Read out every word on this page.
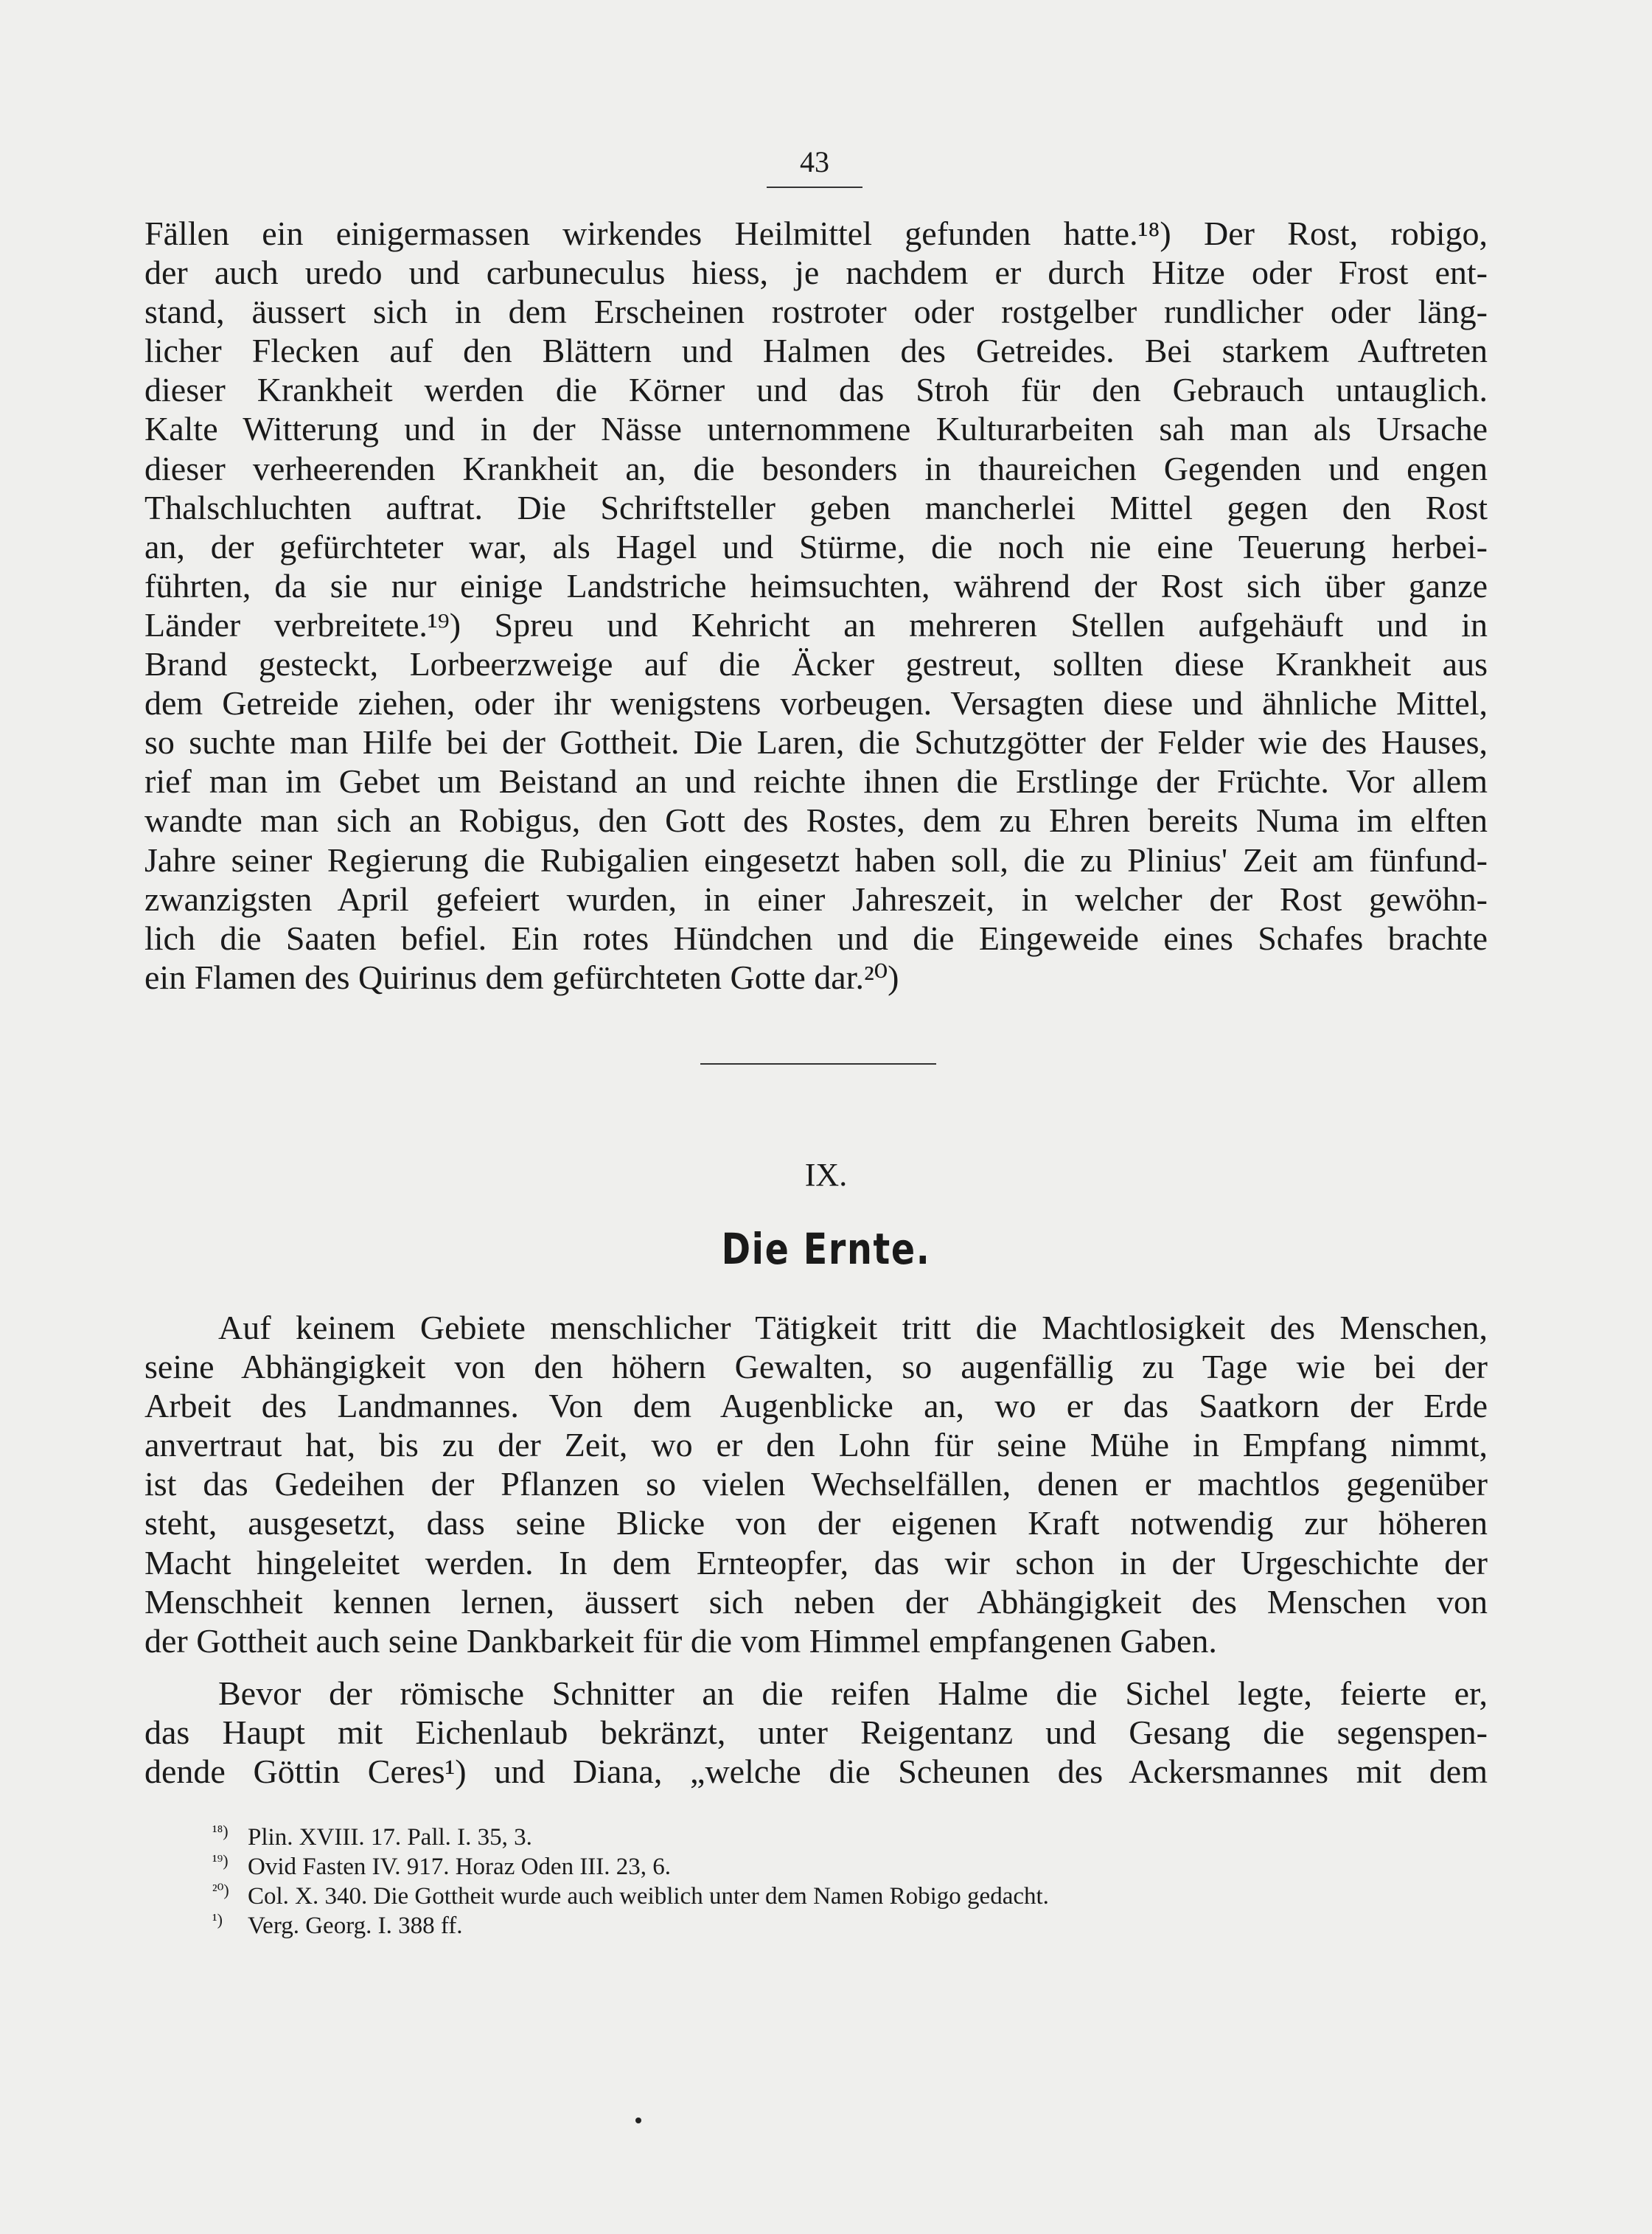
43
Fällen ein einigermassen wirkendes Heilmittel gefunden hatte.¹⁸) Der Rost, robigo,
der auch uredo und carbuneculus hiess, je nachdem er durch Hitze oder Frost ent-
stand, äussert sich in dem Erscheinen rostroter oder rostgelber rundlicher oder läng-
licher Flecken auf den Blättern und Halmen des Getreides. Bei starkem Auftreten
dieser Krankheit werden die Körner und das Stroh für den Gebrauch untauglich.
Kalte Witterung und in der Nässe unternommene Kulturarbeiten sah man als Ursache
dieser verheerenden Krankheit an, die besonders in thaureichen Gegenden und engen
Thalschluchten auftrat. Die Schriftsteller geben mancherlei Mittel gegen den Rost
an, der gefürchteter war, als Hagel und Stürme, die noch nie eine Teuerung herbei-
führten, da sie nur einige Landstriche heimsuchten, während der Rost sich über ganze
Länder verbreitete.¹⁹) Spreu und Kehricht an mehreren Stellen aufgehäuft und in
Brand gesteckt, Lorbeerzweige auf die Äcker gestreut, sollten diese Krankheit aus
dem Getreide ziehen, oder ihr wenigstens vorbeugen. Versagten diese und ähnliche Mittel,
so suchte man Hilfe bei der Gottheit. Die Laren, die Schutzgötter der Felder wie des Hauses,
rief man im Gebet um Beistand an und reichte ihnen die Erstlinge der Früchte. Vor allem
wandte man sich an Robigus, den Gott des Rostes, dem zu Ehren bereits Numa im elften
Jahre seiner Regierung die Rubigalien eingesetzt haben soll, die zu Plinius' Zeit am fünfund-
zwanzigsten April gefeiert wurden, in einer Jahreszeit, in welcher der Rost gewöhn-
lich die Saaten befiel. Ein rotes Hündchen und die Eingeweide eines Schafes brachte
ein Flamen des Quirinus dem gefürchteten Gotte dar.²⁰)
IX.
Die Ernte.
Auf keinem Gebiete menschlicher Tätigkeit tritt die Machtlosigkeit des Menschen,
seine Abhängigkeit von den höhern Gewalten, so augenfällig zu Tage wie bei der
Arbeit des Landmannes. Von dem Augenblicke an, wo er das Saatkorn der Erde
anvertraut hat, bis zu der Zeit, wo er den Lohn für seine Mühe in Empfang nimmt,
ist das Gedeihen der Pflanzen so vielen Wechselfällen, denen er machtlos gegenüber
steht, ausgesetzt, dass seine Blicke von der eigenen Kraft notwendig zur höheren
Macht hingeleitet werden. In dem Ernteopfer, das wir schon in der Urgeschichte der
Menschheit kennen lernen, äussert sich neben der Abhängigkeit des Menschen von
der Gottheit auch seine Dankbarkeit für die vom Himmel empfangenen Gaben.
Bevor der römische Schnitter an die reifen Halme die Sichel legte, feierte er,
das Haupt mit Eichenlaub bekränzt, unter Reigentanz und Gesang die segenspen-
dende Göttin Ceres¹) und Diana, „welche die Scheunen des Ackersmannes mit dem
¹⁸) Plin. XVIII. 17. Pall. I. 35, 3.
¹⁹) Ovid Fasten IV. 917. Horaz Oden III. 23, 6.
²⁰) Col. X. 340. Die Gottheit wurde auch weiblich unter dem Namen Robigo gedacht.
¹)	Verg. Georg. I. 388 ff.
